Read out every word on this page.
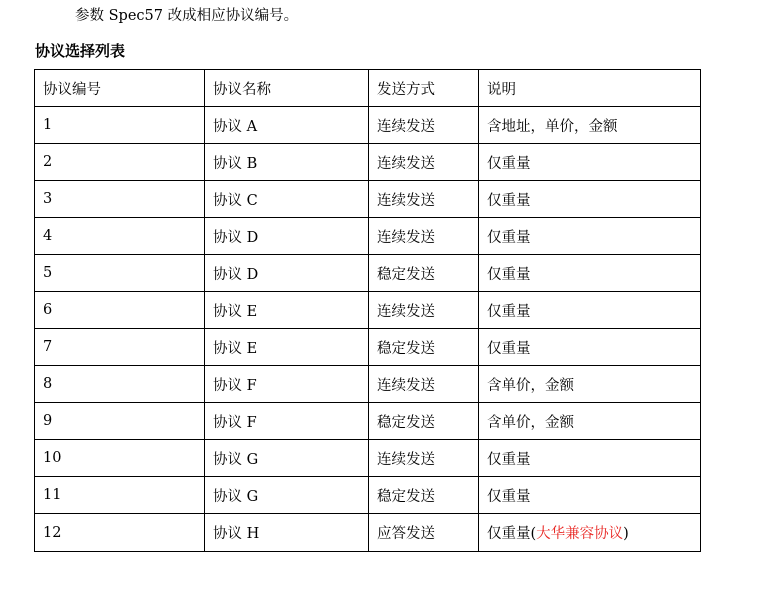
参数 Spec57 改成相应协议编号。
协议选择列表
协议编号	协议名称	发送方式	说明
1	协议 A	连续发送	含地址，单价，金额
2	协议 B	连续发送	仅重量
3	协议 C	连续发送	仅重量
4	协议 D	连续发送	仅重量
5	协议 D	稳定发送	仅重量
6	协议 E	连续发送	仅重量
7	协议 E	稳定发送	仅重量
8	协议 F	连续发送	含单价，金额
9	协议 F	稳定发送	含单价，金额
10	协议 G	连续发送	仅重量
11	协议 G	稳定发送	仅重量
12	协议 H	应答发送	仅重量(大华兼容协议)
